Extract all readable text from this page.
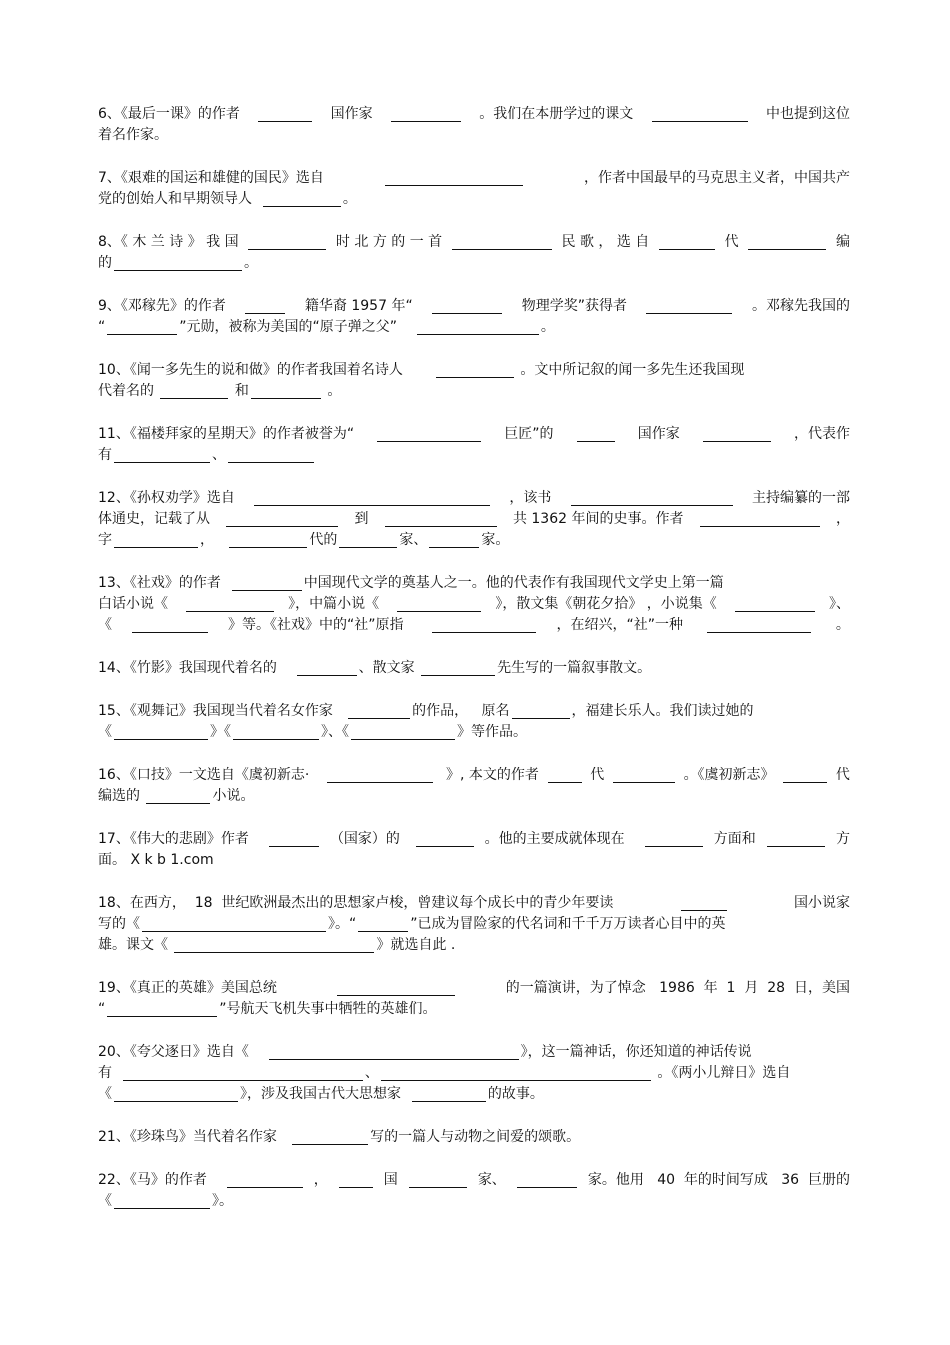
6、《最后一课》的作者	国作家	。我们在本册学过的课文	中也提到这位
着名作家。
7、《艰难的国运和雄健的国民》选自	，作者中国最早的马克思主义者，中国共产
党的创始人和早期领导人	。
8、《 木 兰 诗 》 我 国	时 北 方 的 一 首	民 歌 ， 选 自	代	编
的	。
9、《邓稼先》的作者	籍华裔 1957 年“	物理学奖”获得者	。邓稼先我国的
“	”元勋，被称为美国的“原子弹之父”	。
10、《闻一多先生的说和做》的作者我国着名诗人	。文中所记叙的闻一多先生还我国现
代着名的	和	。
11、《福楼拜家的星期天》的作者被誉为“	巨匠”的	国作家	，代表作
有	、
12、《孙权劝学》选自	，该书	主持编纂的一部
体通史，记载了从	到	共 1362 年间的史事。作者	，
字	，	代的	家、	家。
13、《社戏》的作者	中国现代文学的奠基人之一。他的代表作有我国现代文学史上第一篇
白话小说《	》，中篇小说《	》，散文集《朝花夕拾》 ，小说集《	》、
《	》等。《社戏》中的“社”原指	，在绍兴，“社”一种	。
14、《竹影》我国现代着名的	、散文家	先生写的一篇叙事散文。
15、《观舞记》我国现当代着名女作家	的作品，   原名	，福建长乐人。我们读过她的
《	》《	》、《	》等作品。
16、《口技》一文选自《虞初新志·	》, 本文的作者	代	。《虞初新志》	代
编选的	小说。
17、《伟大的悲剧》作者	（国家）的	。他的主要成就体现在	方面和	方
面。 X k b 1.com
18、在西方，  18  世纪欧洲最杰出的思想家卢梭，曾建议每个成长中的青少年要读	国小说家
写的《	》。“	”已成为冒险家的代名词和千千万万读者心目中的英
雄。课文《	》就选自此 .
19、《真正的英雄》美国总统	的一篇演讲，为了悼念   1986  年  1  月  28  日，美国
“	”号航天飞机失事中牺牲的英雄们。
20、《夸父逐日》选自《	》，这一篇神话，你还知道的神话传说
有	、	。《两小儿辩日》选自
《	》，涉及我国古代大思想家	的故事。
21、《珍珠鸟》当代着名作家	写的一篇人与动物之间爱的颂歌。
22、《马》的作者	，	国	家、	家。他用   40  年的时间写成   36  巨册的
《	》。
